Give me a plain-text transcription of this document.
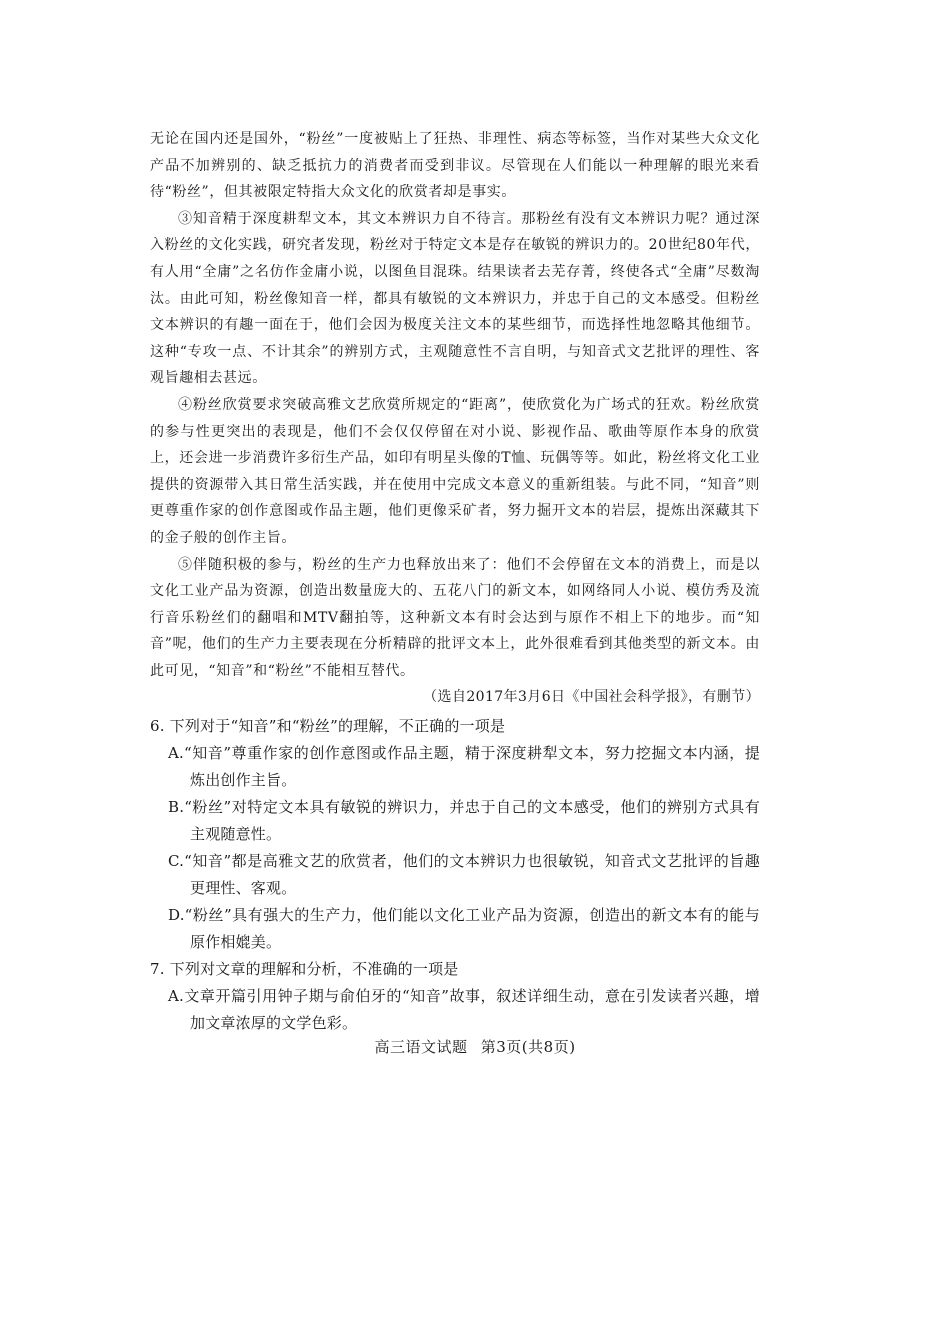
无论在国内还是国外，“粉丝”一度被贴上了狂热、非理性、病态等标签，当作对某些大众文化产品不加辨别的、缺乏抵抗力的消费者而受到非议。尽管现在人们能以一种理解的眼光来看待“粉丝”，但其被限定特指大众文化的欣赏者却是事实。

③知音精于深度耕犁文本，其文本辨识力自不待言。那粉丝有没有文本辨识力呢？通过深入粉丝的文化实践，研究者发现，粉丝对于特定文本是存在敏锐的辨识力的。20世纪80年代，有人用“全庸”之名仿作金庸小说，以图鱼目混珠。结果读者去芜存菁，终使各式“全庸”尽数淘汰。由此可知，粉丝像知音一样，都具有敏锐的文本辨识力，并忠于自己的文本感受。但粉丝文本辨识的有趣一面在于，他们会因为极度关注文本的某些细节，而选择性地忽略其他细节。这种“专攻一点、不计其余”的辨别方式，主观随意性不言自明，与知音式文艺批评的理性、客观旨趣相去甚远。

④粉丝欣赏要求突破高雅文艺欣赏所规定的“距离”，使欣赏化为广场式的狂欢。粉丝欣赏的参与性更突出的表现是，他们不会仅仅停留在对小说、影视作品、歌曲等原作本身的欣赏上，还会进一步消费许多衍生产品，如印有明星头像的T恤、玩偶等等。如此，粉丝将文化工业提供的资源带入其日常生活实践，并在使用中完成文本意义的重新组装。与此不同，“知音”则更尊重作家的创作意图或作品主题，他们更像采矿者，努力掘开文本的岩层，提炼出深藏其下的金子般的创作主旨。

⑤伴随积极的参与，粉丝的生产力也释放出来了：他们不会停留在文本的消费上，而是以文化工业产品为资源，创造出数量庞大的、五花八门的新文本，如网络同人小说、模仿秀及流行音乐粉丝们的翻唱和MTV翻拍等，这种新文本有时会达到与原作不相上下的地步。而“知音”呢，他们的生产力主要表现在分析精辟的批评文本上，此外很难看到其他类型的新文本。由此可见，“知音”和“粉丝”不能相互替代。

（选自2017年3月6日《中国社会科学报》，有删节）

6. 下列对于“知音”和“粉丝”的理解，不正确的一项是

A.“知音”尊重作家的创作意图或作品主题，精于深度耕犁文本，努力挖掘文本内涵，提炼出创作主旨。

B.“粉丝”对特定文本具有敏锐的辨识力，并忠于自己的文本感受，他们的辨别方式具有主观随意性。

C.“知音”都是高雅文艺的欣赏者，他们的文本辨识力也很敏锐，知音式文艺批评的旨趣更理性、客观。

D.“粉丝”具有强大的生产力，他们能以文化工业产品为资源，创造出的新文本有的能与原作相媲美。

7. 下列对文章的理解和分析，不准确的一项是

A.文章开篇引用钟子期与俞伯牙的“知音”故事，叙述详细生动，意在引发读者兴趣，增加文章浓厚的文学色彩。

高三语文试题 第3页(共8页)
